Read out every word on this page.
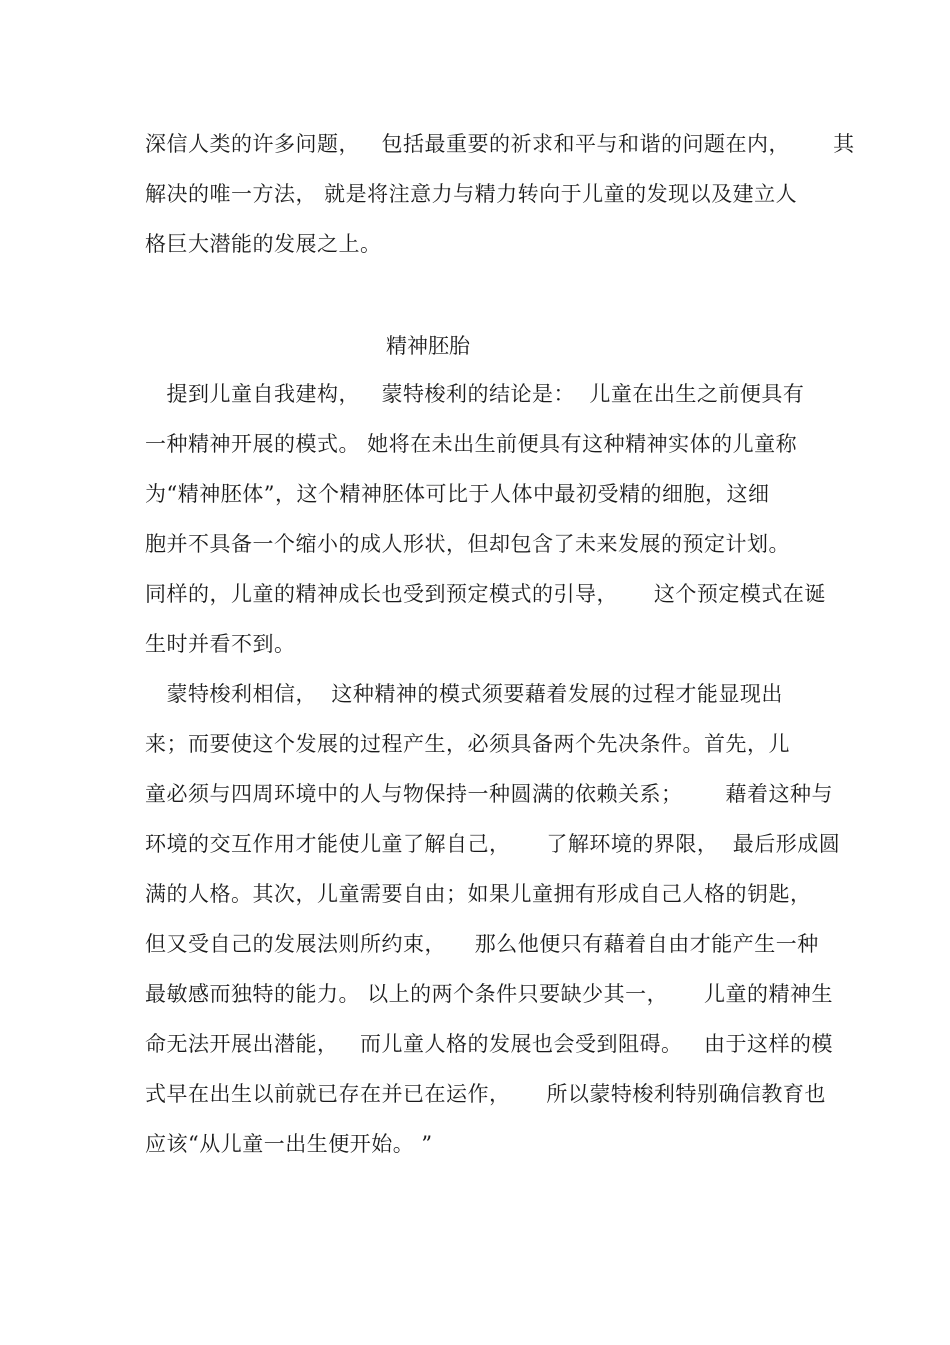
深信人类的许多问题，   包括最重要的祈求和平与和谐的问题在内，      其
解决的唯一方法， 就是将注意力与精力转向于儿童的发现以及建立人
格巨大潜能的发展之上。
精神胚胎
提到儿童自我建构，   蒙特梭利的结论是：  儿童在出生之前便具有
一种精神开展的模式。 她将在未出生前便具有这种精神实体的儿童称
为“精神胚体”，这个精神胚体可比于人体中最初受精的细胞，这细
胞并不具备一个缩小的成人形状，但却包含了未来发展的预定计划。
同样的，儿童的精神成长也受到预定模式的引导，     这个预定模式在诞
生时并看不到。
蒙特梭利相信，  这种精神的模式须要藉着发展的过程才能显现出
来；而要使这个发展的过程产生，必须具备两个先决条件。首先，儿
童必须与四周环境中的人与物保持一种圆满的依赖关系；      藉着这种与
环境的交互作用才能使儿童了解自己，     了解环境的界限，  最后形成圆
满的人格。其次，儿童需要自由；如果儿童拥有形成自己人格的钥匙，
但又受自己的发展法则所约束，    那么他便只有藉着自由才能产生一种
最敏感而独特的能力。 以上的两个条件只要缺少其一，     儿童的精神生
命无法开展出潜能，   而儿童人格的发展也会受到阻碍。   由于这样的模
式早在出生以前就已存在并已在运作，     所以蒙特梭利特别确信教育也
应该“从儿童一出生便开始。 ”
